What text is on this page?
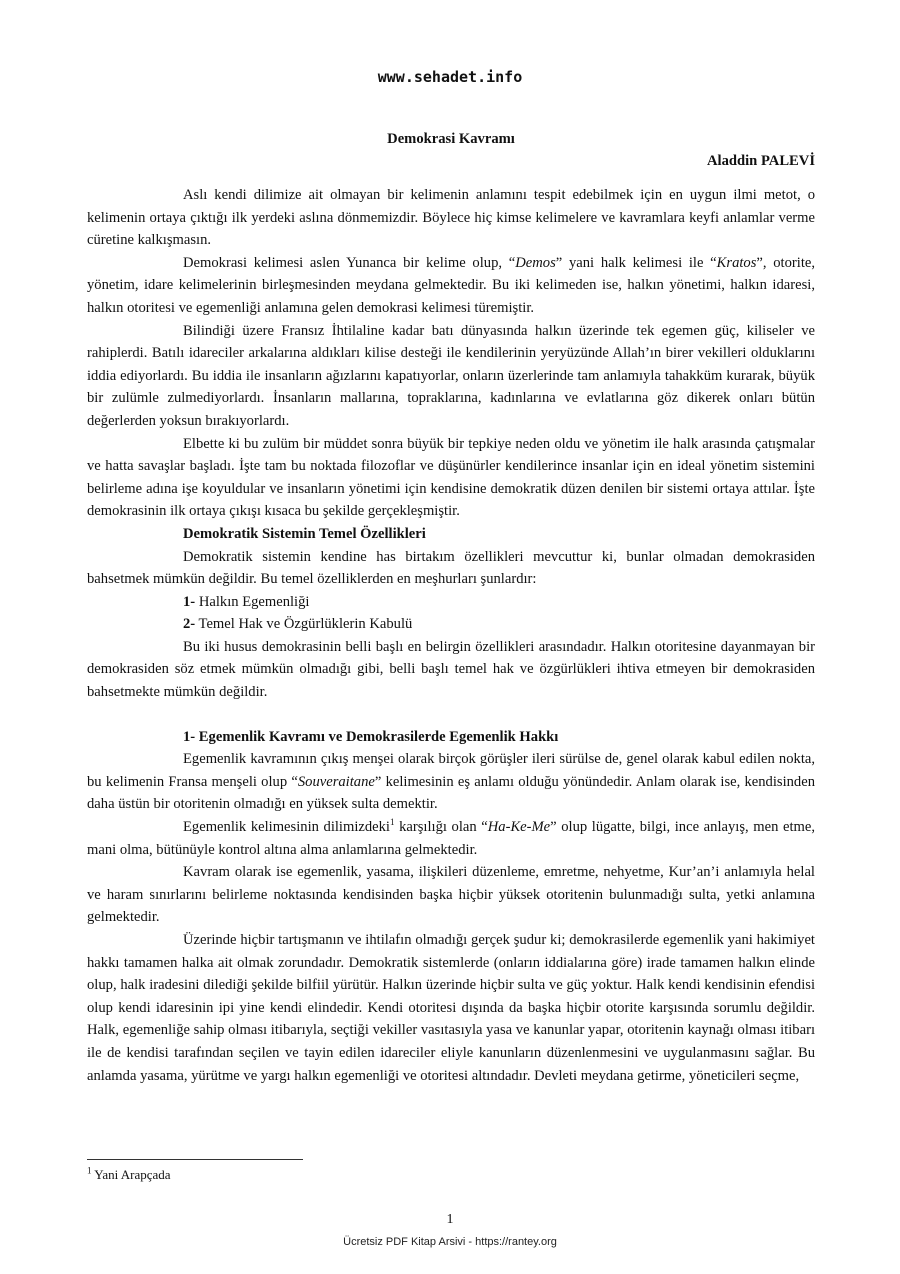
www.sehadet.info
Demokrasi Kavramı
Aladdin PALEVİ

Aslı kendi dilimize ait olmayan bir kelimenin anlamını tespit edebilmek için en uygun ilmi metot, o kelimenin ortaya çıktığı ilk yerdeki aslına dönmemizdir. Böylece hiç kimse kelimelere ve kavramlara keyfi anlamlar verme cüretine kalkışmasın.

Demokrasi kelimesi aslen Yunanca bir kelime olup, “Demos” yani halk kelimesi ile “Kratos”, otorite, yönetim, idare kelimelerinin birleşmesinden meydana gelmektedir. Bu iki kelimeden ise, halkın yönetimi, halkın idaresi, halkın otoritesi ve egemenliği anlamına gelen demokrasi kelimesi türemiştir.

Bilindiği üzere Fransız İhtilaline kadar batı dünyasında halkın üzerinde tek egemen güç, kiliseler ve rahiplerdi. Batılı idareciler arkalarına aldıkları kilise desteği ile kendilerinin yeryüzünde Allah’ın birer vekilleri olduklarını iddia ediyorlardı. Bu iddia ile insanların ağızlarını kapatıyorlar, onların üzerlerinde tam anlamıyla tahakküm kurarak, büyük bir zulümle zulmediyorlardı. İnsanların mallarına, topraklarına, kadınlarına ve evlatlarına göz dikerek onları bütün değerlerden yoksun bırakıyorlardı.

Elbette ki bu zulüm bir müddet sonra büyük bir tepkiye neden oldu ve yönetim ile halk arasında çatışmalar ve hatta savaşlar başladı. İşte tam bu noktada filozoflar ve düşünürler kendilerince insanlar için en ideal yönetim sistemini belirleme adına işe koyuldular ve insanların yönetimi için kendisine demokratik düzen denilen bir sistemi ortaya attılar. İşte demokrasinin ilk ortaya çıkışı kısaca bu şekilde gerçekleşmiştir.

Demokratik Sistemin Temel Özellikleri

Demokratik sistemin kendine has birtakım özellikleri mevcuttur ki, bunlar olmadan demokrasiden bahsetmek mümkün değildir. Bu temel özelliklerden en meşhurları şunlardır:

1- Halkın Egemenliği

2- Temel Hak ve Özgürlüklerin Kabulü

Bu iki husus demokrasinin belli başlı en belirgin özellikleri arasındadır. Halkın otoritesine dayanmayan bir demokrasiden söz etmek mümkün olmadığı gibi, belli başlı temel hak ve özgürlükleri ihtiva etmeyen bir demokrasiden bahsetmekte mümkün değildir.

1- Egemenlik Kavramı ve Demokrasilerde Egemenlik Hakkı

Egemenlik kavramının çıkış menşei olarak birçok görüşler ileri sürülse de, genel olarak kabul edilen nokta, bu kelimenin Fransa menşeli olup “Souveraitane” kelimesinin eş anlamı olduğu yönündedir. Anlam olarak ise, kendisinden daha üstün bir otoritenin olmadığı en yüksek sulta demektir.

Egemenlik kelimesinin dilimizdeki$^1$ karşılığı olan “Ha-Ke-Me” olup lügatte, bilgi, ince anlayış, men etme, mani olma, bütünüyle kontrol altına alma anlamlarına gelmektedir.

Kavram olarak ise egemenlik, yasama, ilişkileri düzenleme, emretme, nehyetme, Kur’an’i anlamıyla helal ve haram sınırlarını belirleme noktasında kendisinden başka hiçbir yüksek otoritenin bulunmadığı sulta, yetki anlamına gelmektedir.

Üzerinde hiçbir tartışmanın ve ihtilafın olmadığı gerçek şudur ki; demokrasilerde egemenlik yani hakimiyet hakkı tamamen halka ait olmak zorundadır. Demokratik sistemlerde (onların iddialarına göre) irade tamamen halkın elinde olup, halk iradesini dilediği şekilde bilfiil yürütür. Halkın üzerinde hiçbir sulta ve güç yoktur. Halk kendi kendisinin efendisi olup kendi idaresinin ipi yine kendi elindedir. Kendi otoritesi dışında da başka hiçbir otorite karşısında sorumlu değildir. Halk, egemenliğe sahip olması itibarıyla, seçtiği vekiller vasıtasıyla yasa ve kanunlar yapar, otoritenin kaynağı olması itibarı ile de kendisi tarafından seçilen ve tayin edilen idareciler eliyle kanunların düzenlenmesini ve uygulanmasını sağlar. Bu anlamda yasama, yürütme ve yargı halkın egemenliği ve otoritesi altındadır. Devleti meydana getirme, yöneticileri seçme,

$^1$ Yani Arapçada
1
Ücretsiz PDF Kitap Arsivi - https://rantey.org
